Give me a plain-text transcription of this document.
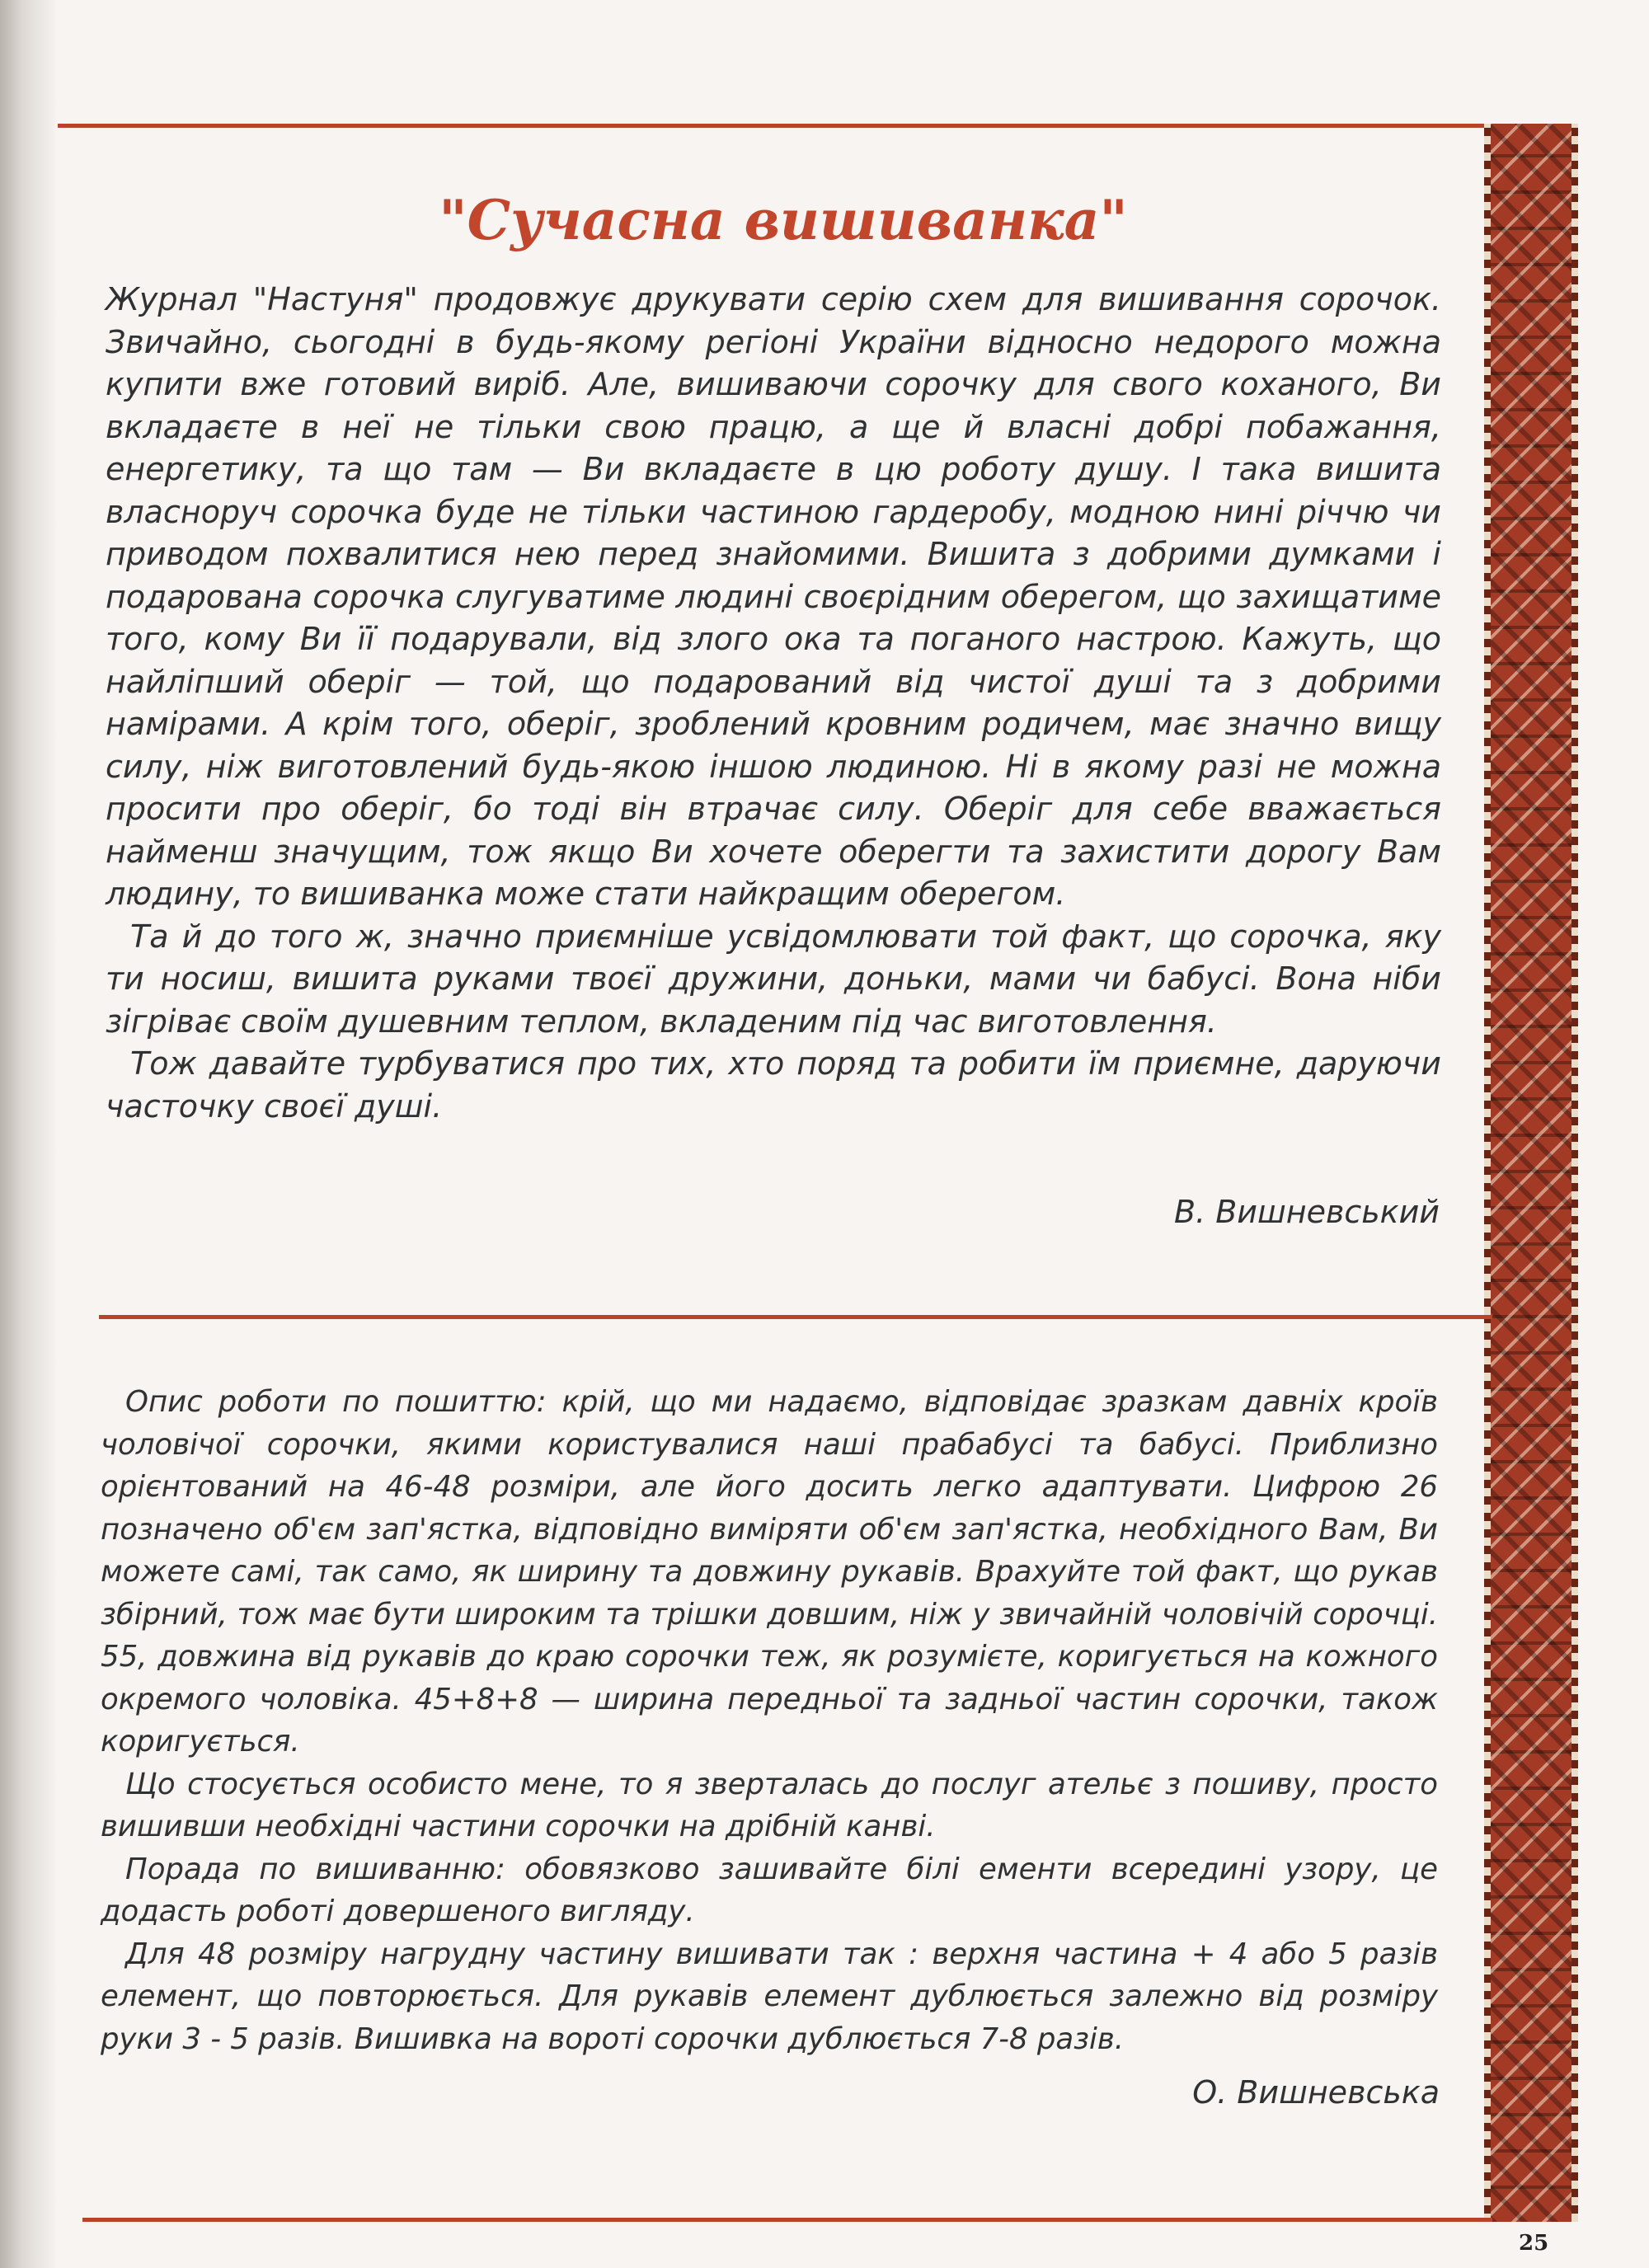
"Сучасна вишиванка"

Журнал "Настуня" продовжує друкувати серію схем для вишивання сорочок. Звичайно, сьогодні в будь-якому регіоні України відносно недорого можна купити вже готовий виріб. Але, вишиваючи сорочку для свого коханого, Ви вкладаєте в неї не тільки свою працю, а ще й власні добрі побажання, енергетику, та що там — Ви вкладаєте в цю роботу душу. І така вишита власноруч сорочка буде не тільки частиною гардеробу, модною нині річчю чи приводом похвалитися нею перед знайомими. Вишита з добрими думками і подарована сорочка слугуватиме людині своєрідним оберегом, що захищатиме того, кому Ви її подарували, від злого ока та поганого настрою. Кажуть, що найліпший оберіг — той, що подарований від чистої душі та з добрими намірами. А крім того, оберіг, зроблений кровним родичем, має значно вищу силу, ніж виготовлений будь-якою іншою людиною. Ні в якому разі не можна просити про оберіг, бо тоді він втрачає силу. Оберіг для себе вважається найменш значущим, тож якщо Ви хочете оберегти та захистити дорогу Вам людину, то вишиванка може стати найкращим оберегом.

Та й до того ж, значно приємніше усвідомлювати той факт, що сорочка, яку ти носиш, вишита руками твоєї дружини, доньки, мами чи бабусі. Вона ніби зігріває своїм душевним теплом, вкладеним під час виготовлення.

Тож давайте турбуватися про тих, хто поряд та робити їм приємне, даруючи часточку своєї душі.

В. Вишневський

Опис роботи по пошиттю: крій, що ми надаємо, відповідає зразкам давніх кроїв чоловічої сорочки, якими користувалися наші прабабусі та бабусі. Приблизно орієнтований на 46-48 розміри, але його досить легко адаптувати. Цифрою 26 позначено об'єм зап'ястка, відповідно виміряти об'єм зап'ястка, необхідного Вам, Ви можете самі, так само, як ширину та довжину рукавів. Врахуйте той факт, що рукав збірний, тож має бути широким та трішки довшим, ніж у звичайній чоловічій сорочці. 55, довжина від рукавів до краю сорочки теж, як розумієте, коригується на кожного окремого чоловіка. 45+8+8 — ширина передньої та задньої частин сорочки, також коригується.

Що стосується особисто мене, то я зверталась до послуг ательє з пошиву, просто вишивши необхідні частини сорочки на дрібній канві.

Порада по вишиванню: обовязково зашивайте білі ементи всередині узору, це додасть роботі довершеного вигляду.

Для 48 розміру нагрудну частину вишивати так : верхня частина + 4 або 5 разів елемент, що повторюється. Для рукавів елемент дублюється залежно від розміру руки 3 - 5 разів. Вишивка на вороті сорочки дублюється 7-8 разів.

О. Вишневська
25
